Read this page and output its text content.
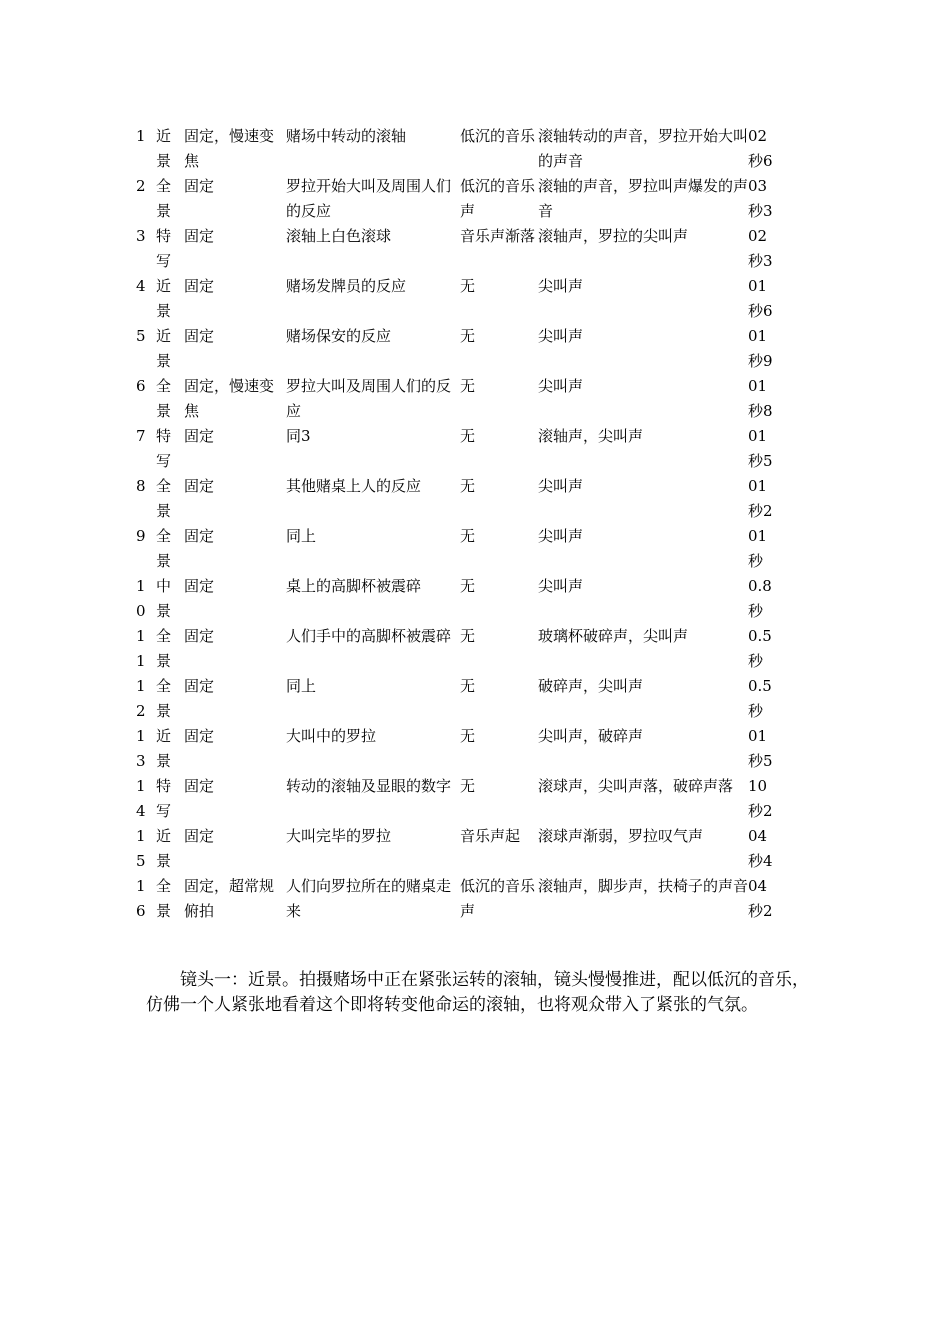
1	近景	固定，慢速变焦	赌场中转动的滚轴	低沉的音乐	滚轴转动的声音，罗拉开始大叫的声音	02秒6

2	全景	固定	罗拉开始大叫及周围人们的反应	低沉的音乐声	滚轴的声音，罗拉叫声爆发的声音	03秒3

3	特写	固定	滚轴上白色滚球	音乐声渐落	滚轴声，罗拉的尖叫声	02秒3

4	近景	固定	赌场发牌员的反应	无	尖叫声	01秒6

5	近景	固定	赌场保安的反应	无	尖叫声	01秒9

6	全景	固定，慢速变焦	罗拉大叫及周围人们的反应	无	尖叫声	01秒8

7	特写	固定	同3	无	滚轴声，尖叫声	01秒5

8	全景	固定	其他赌桌上人的反应	无	尖叫声	01秒2

9	全景	固定	同上	无	尖叫声	01秒

10	中景	固定	桌上的高脚杯被震碎	无	尖叫声	0.8秒

11	全景	固定	人们手中的高脚杯被震碎	无	玻璃杯破碎声，尖叫声	0.5秒

12	全景	固定	同上	无	破碎声，尖叫声	0.5秒

13	近景	固定	大叫中的罗拉	无	尖叫声，破碎声	01秒5

14	特写	固定	转动的滚轴及显眼的数字	无	滚球声，尖叫声落，破碎声落	10秒2

15	近景	固定	大叫完毕的罗拉	音乐声起	滚球声渐弱，罗拉叹气声	04秒4

16	全景	固定，超常规俯拍	人们向罗拉所在的赌桌走来	低沉的音乐声	滚轴声，脚步声，扶椅子的声音	04秒2

镜头一：近景。拍摄赌场中正在紧张运转的滚轴，镜头慢慢推进，配以低沉的音乐，仿佛一个人紧张地看着这个即将转变他命运的滚轴，也将观众带入了紧张的气氛。
